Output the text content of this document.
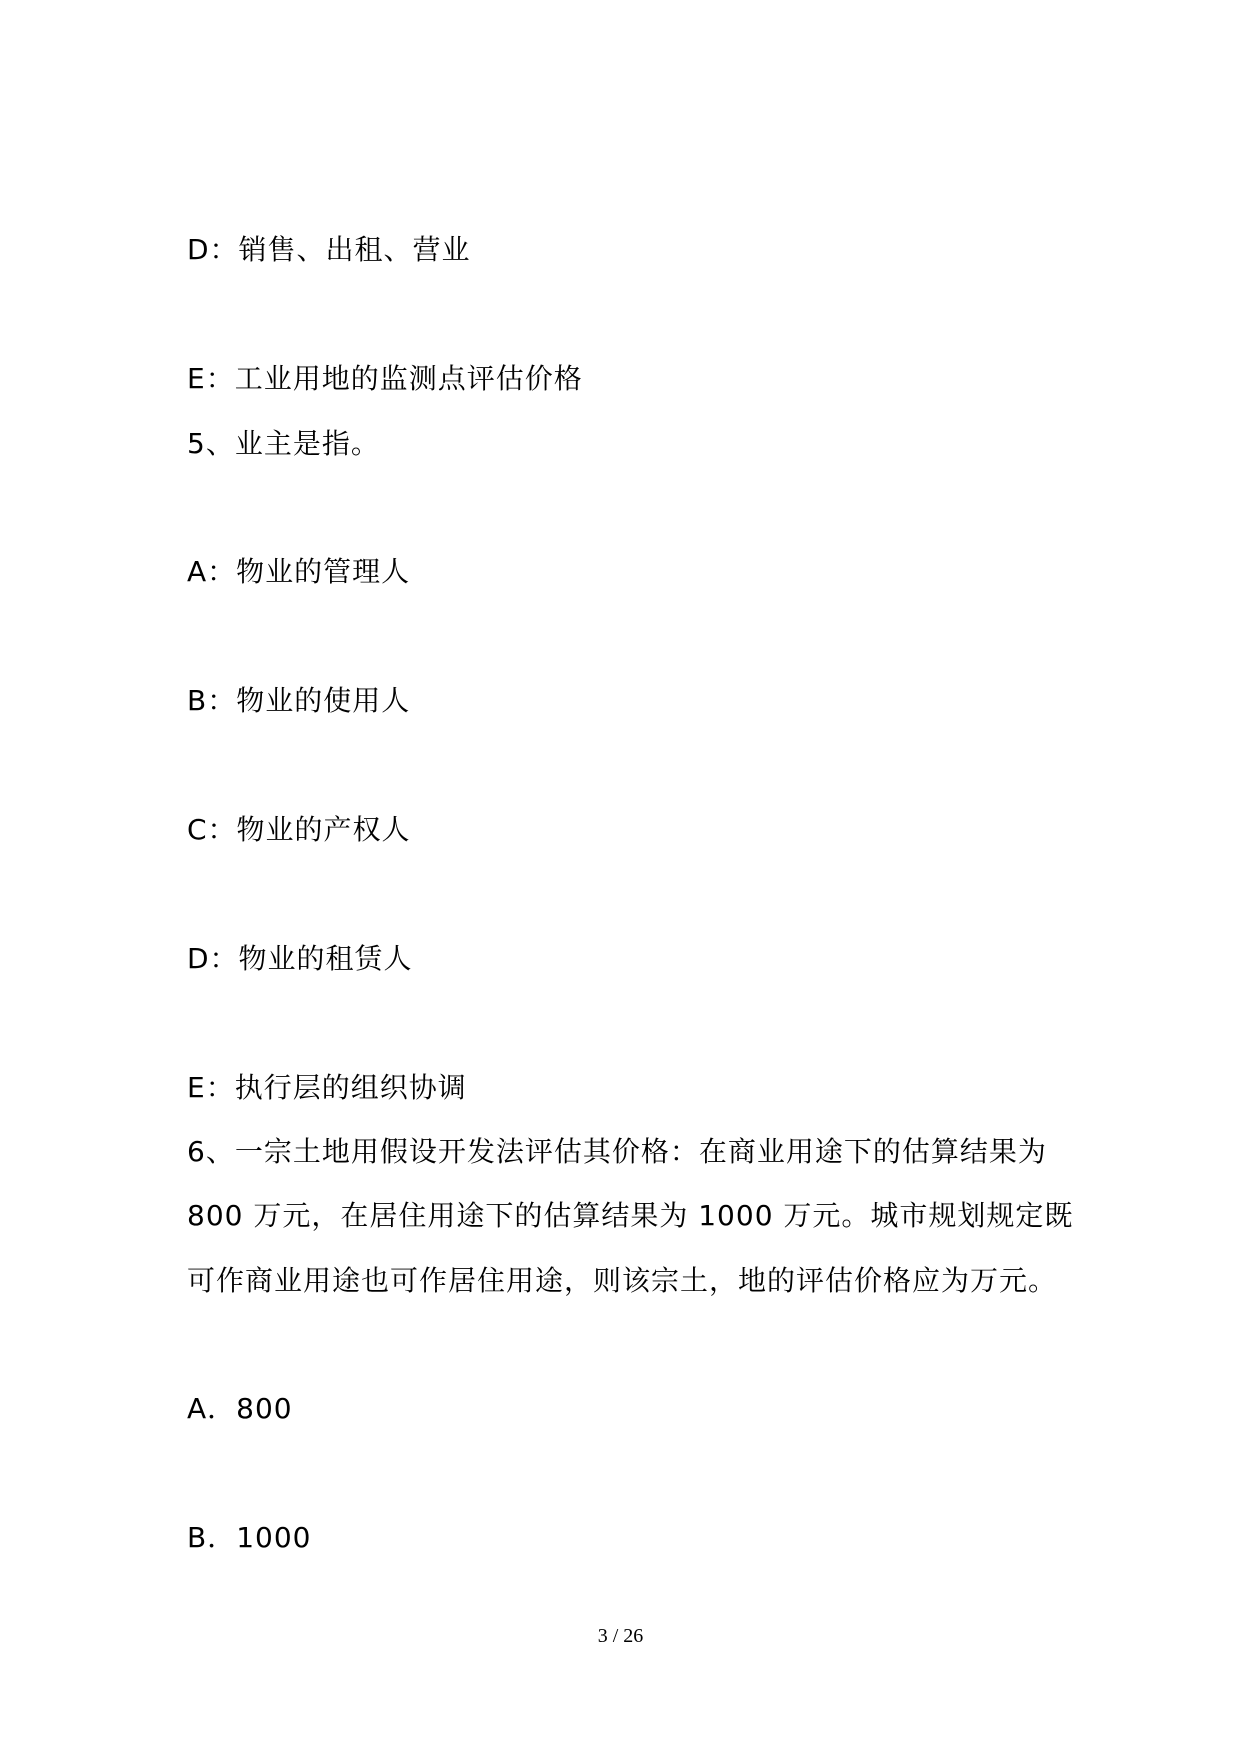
D：销售、出租、营业
E：工业用地的监测点评估价格
5、业主是指。
A：物业的管理人
B：物业的使用人
C：物业的产权人
D：物业的租赁人
E：执行层的组织协调
6、一宗土地用假设开发法评估其价格：在商业用途下的估算结果为
800 万元，在居住用途下的估算结果为 1000 万元。城市规划规定既
可作商业用途也可作居住用途，则该宗土，地的评估价格应为万元。
A．800
B．1000
3 / 26
